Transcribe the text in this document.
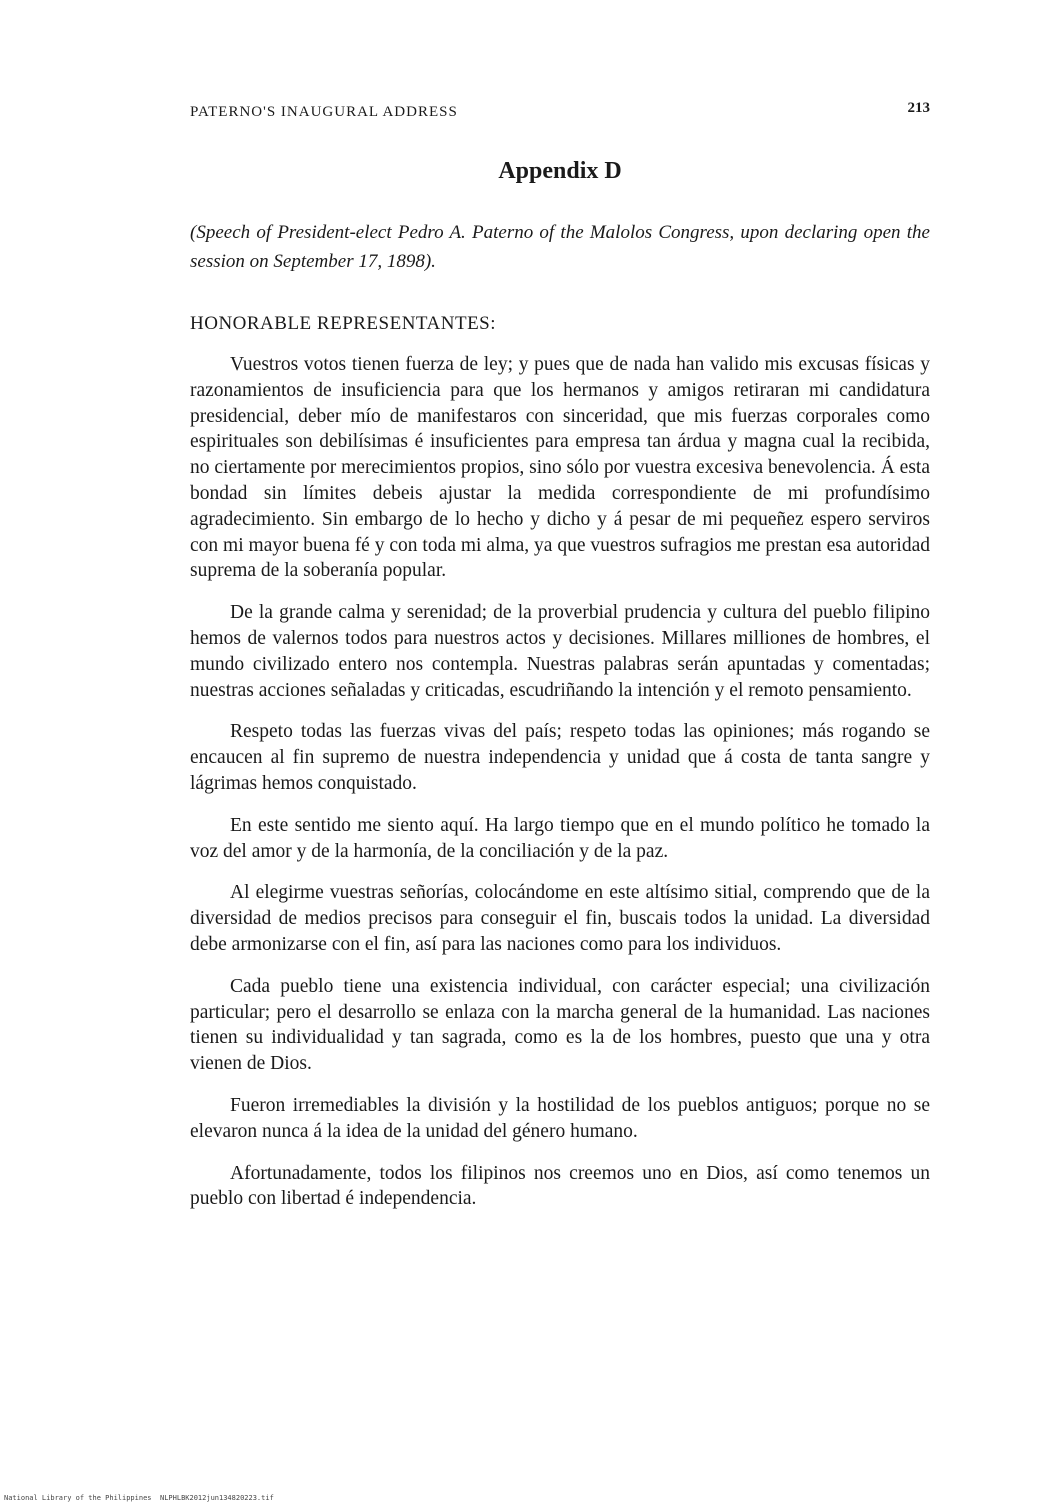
PATERNO'S INAUGURAL ADDRESS	213
Appendix D
(Speech of President-elect Pedro A. Paterno of the Malolos Congress, upon declaring open the session on September 17, 1898).
HONORABLE REPRESENTANTES:

Vuestros votos tienen fuerza de ley; y pues que de nada han valido mis excusas físicas y razonamientos de insuficiencia para que los hermanos y amigos retiraran mi candidatura presidencial, deber mío de manifestaros con sinceridad, que mis fuerzas corporales como espirituales son debilísimas é insuficientes para empresa tan árdua y magna cual la recibida, no ciertamente por merecimientos propios, sino sólo por vuestra excesiva benevolencia. Á esta bondad sin límites debeis ajustar la medida correspondiente de mi profundísimo agradecimiento. Sin embargo de lo hecho y dicho y á pesar de mi pequeñez espero serviros con mi mayor buena fé y con toda mi alma, ya que vuestros sufragios me prestan esa autoridad suprema de la soberanía popular.

De la grande calma y serenidad; de la proverbial prudencia y cultura del pueblo filipino hemos de valernos todos para nuestros actos y decisiones. Millares milliones de hombres, el mundo civilizado entero nos contempla. Nuestras palabras serán apuntadas y comentadas; nuestras acciones señaladas y criticadas, escudriñando la intención y el remoto pensamiento.

Respeto todas las fuerzas vivas del país; respeto todas las opiniones; más rogando se encaucen al fin supremo de nuestra independencia y unidad que á costa de tanta sangre y lágrimas hemos conquistado.

En este sentido me siento aquí. Ha largo tiempo que en el mundo político he tomado la voz del amor y de la harmonía, de la conciliación y de la paz.

Al elegirme vuestras señorías, colocándome en este altísimo sitial, comprendo que de la diversidad de medios precisos para conseguir el fin, buscais todos la unidad. La diversidad debe armonizarse con el fin, así para las naciones como para los individuos.

Cada pueblo tiene una existencia individual, con carácter especial; una civilización particular; pero el desarrollo se enlaza con la marcha general de la humanidad. Las naciones tienen su individualidad y tan sagrada, como es la de los hombres, puesto que una y otra vienen de Dios.

Fueron irremediables la división y la hostilidad de los pueblos antiguos; porque no se elevaron nunca á la idea de la unidad del género humano.

Afortunadamente, todos los filipinos nos creemos uno en Dios, así como tenemos un pueblo con libertad é independencia.

National Library of the Philippines NLPHLBK2012jun134820223.tif
